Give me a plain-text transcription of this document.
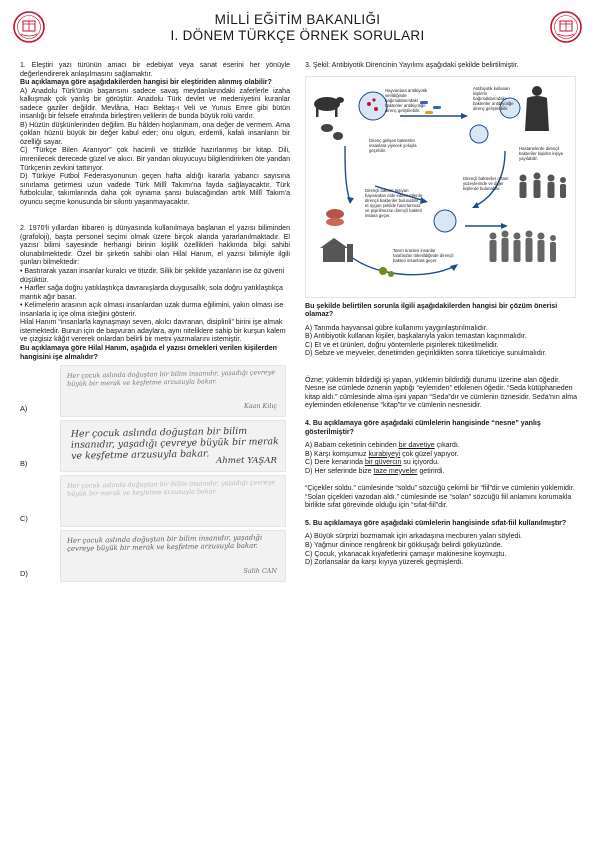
MİLLİ EĞİTİM BAKANLIĞI
I. DÖNEM TÜRKÇE ÖRNEK SORULARI

1. Eleştiri yazı türünün amacı bir edebiyat veya sanat eserini her yönüyle değerlendirerek anlaşılmasını sağlamaktır.

Bu açıklamaya göre aşağıdakilerden hangisi bir eleştiriden alınmış olabilir?

A) Anadolu Türk'ünün başarısını sadece savaş meydanlarındaki zaferlerle izaha kalkışmak çok yanlış bir görüştür. Anadolu Türk devlet ve medeniyetini kuranlar sadece gaziler değildir. Mevlâna, Hacı Bektaş-ı Veli ve Yunus Emre gibi bütün insanlığı bir felsefe etrafında birleştiren velilerin de bunda büyük rolü vardır.

B) Hüzün düşkünlerinden değilim. Bu hâlden hoşlanmam, ona değer de vermem. Ama çokları hüznü büyük bir değer kabul eder; onu olgun, erdemli, kafalı insanların bir özelliği sayar.

C) “Türkçe Bilen Aranıyor” çok hacimli ve titizlikle hazırlanmış bir kitap. Dili, imrenilecek derecede güzel ve akıcı. Bir yandan okuyucuyu bilgilendirirken öte yandan Türkçenin zevkini tattırıyor.

D) Türkiye Futbol Federasyonunun geçen hafta aldığı kararla yabancı sayısına sınırlama getirmesi uzun vadede Türk Millî Takımı'na fayda sağlayacaktır. Türk futbolcular, takımlarında daha çok oynama şansı bulacağından artık Millî Takım'a oyuncu seçme konusunda bir sıkıntı yaşanmayacaktır.

2. 1970'li yıllardan itibaren iş dünyasında kullanılmaya başlanan el yazısı biliminden (grafoloji), başta personel seçimi olmak üzere birçok alanda yararlanılmaktadır. El yazısı bilimi sayesinde herhangi birinin kişilik özellikleri hakkında bilgi sahibi olunabilmektedir. Özel bir şirketin sahibi olan Hilal Hanım, el yazısı bilimiyle ilgili şunları bilmektedir:

• Bastırarak yazan insanlar kuralcı ve titizdir. Silik bir şekilde yazanların ise öz güveni düşüktür.

• Harfler sağa doğru yatıklaştıkça davranışlarda duygusallık, sola doğru yatıklaştıkça mantık ağır basar.

• Kelimelerin arasının açık olması insanlardan uzak durma eğilimini, yakın olması ise insanlarla iç içe olma isteğini gösterir.

Hilal Hanım “insanlarla kaynaşmayı seven, akılcı davranan, disiplinli” birini işe almak istemektedir. Bunun için de başvuran adaylara, aynı niteliklere sahip bir kurşun kalem ve çizgisiz kâğıt vererek onlardan belirli bir metni yazmalarını istemiştir.

Bu açıklamaya göre Hilal Hanım, aşağıda el yazısı örnekleri verilen kişilerden hangisini işe almalıdır?

A)
Her çocuk aslında doğuştan bir bilim insanıdır, yaşadığı çevreye büyük bir merak ve keşfetme arzusuyla bakar.
Kaan Kılıç
B)
Her çocuk aslında doğuştan bir bilim insanıdır, yaşadığı çevreye büyük bir merak ve keşfetme arzusuyla bakar. Ahmet YAŞAR
C)
Her çocuk aslında doğuştan bir bilim insanıdır, yaşadığı çevreye büyük bir merak ve keşfetme arzusuyla bakar.
D)
Her çocuk aslında doğuştan bir bilim insanıdır, yaşadığı çevreye büyük bir merak ve keşfetme arzusuyla bakar.
Salih CAN

3. Şekil: Antibiyotik Direncinin Yayılımı aşağıdaki şekilde belirtilmiştir.

Hayvanlara antibiyotik verildiğinde bağırsaklarındaki bakteriler antibiyotiğe direnç geliştirebilir.
Antibiyotik kullanan kişilerin bağırsaklarındaki bakteriler antibiyotiğe direnç geliştirebilir.
Direnç gelişen bakteriler insanlara yiyecek yoluyla geçebilir.
Dirençli bakteri taşıyan hayvandan elde edilen etlerde dirençli bakteriler bulunabilir; et uygun şekilde hazırlanmaz ve pişirilmezse dirençli bakteri insana geçer.
Dirençli bakteriler ortam yüzeylerinde ve diğer kişilerde bulunabilir.
Tarım ürünleri insanlar tarafından tüketildiğinde dirençli bakteri insanlara geçer.
Hastanelerde dirençli bakteriler kişiden kişiye yayılabilir.

Bu şekilde belirtilen sorunla ilgili aşağıdakilerden hangisi bir çözüm önerisi olamaz?

A) Tarımda hayvansal gübre kullanımı yaygınlaştırılmalıdır.

B) Antibiyotik kullanan kişiler, başkalarıyla yakın temastan kaçınmalıdır.

C) Et ve et ürünleri, doğru yöntemlerle pişirilerek tüketilmelidir.

D) Sebze ve meyveler, denetimden geçirildikten sonra tüketiciye sunulmalıdır.

Özne; yüklemin bildirdiği işi yapan, yüklemin bildirdiği durumu üzerine alan öğedir. Nesne ise cümlede öznenin yaptığı “eylemden” etkilenen öğedir. “Seda kütüphaneden kitap aldı.” cümlesinde alma işini yapan “Seda”dır ve cümlenin öznesidir. Seda'nın alma eyleminden etkilenense “kitap”tır ve cümlenin nesnesidir.

4. Bu açıklamaya göre aşağıdaki cümlelerin hangisinde “nesne” yanlış gösterilmiştir?

A) Babam ceketinin cebinden bir davetiye çıkardı.

B) Karşı komşumuz kurabiyeyi çok güzel yapıyor.

C) Dere kenarında bir güvercin su içiyordu.

D) Her seferinde bize taze meyveler getirirdi.

“Çiçekler soldu.” cümlesinde “soldu” sözcüğü çekimli bir “fiil”dir ve cümlenin yüklemidir. “Solan çiçekleri vazodan aldı.” cümlesinde ise “solan” sözcüğü fiil anlamını korumakla birlikte sıfat görevinde olduğu için “sıfat-fiil”dir.

5. Bu açıklamaya göre aşağıdaki cümlelerin hangisinde sıfat-fiil kullanılmıştır?

A) Büyük sürprizi bozmamak için arkadaşına mecburen yalan söyledi.

B) Yağmur dinince rengârenk bir gökkuşağı belirdi gökyüzünde.

C) Çocuk, yıkanacak kıyafetlerini çamaşır makinesine koymuştu.

D) Zorlansalar da karşı kıyıya yüzerek geçmişlerdi.
